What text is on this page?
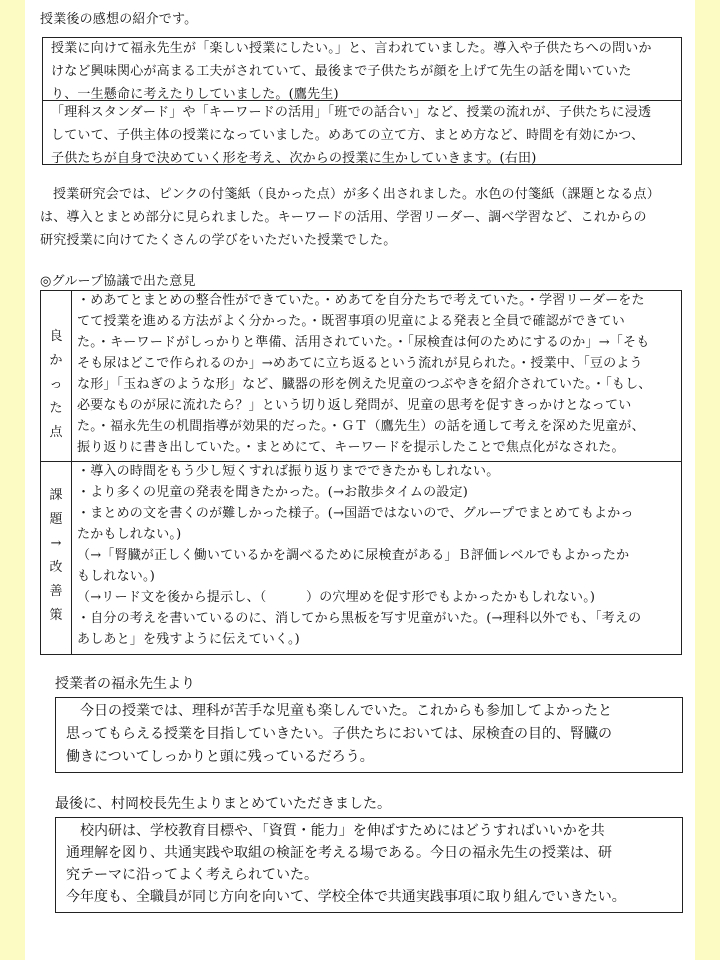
授業後の感想の紹介です。
授業に向けて福永先生が「楽しい授業にしたい。」と、言われていました。導入や子供たちへの問いか
けなど興味関心が高まる工夫がされていて、最後まで子供たちが顔を上げて先生の話を聞いていた
り、一生懸命に考えたりしていました。(鷹先生)
「理科スタンダード」や「キーワードの活用」「班での話合い」など、授業の流れが、子供たちに浸透
していて、子供主体の授業になっていました。めあての立て方、まとめ方など、時間を有効にかつ、
子供たちが自身で決めていく形を考え、次からの授業に生かしていきます。(右田)
授業研究会では、ピンクの付箋紙（良かった点）が多く出されました。水色の付箋紙（課題となる点）
は、導入とまとめ部分に見られました。キーワードの活用、学習リーダー、調べ学習など、これからの
研究授業に向けてたくさんの学びをいただいた授業でした。
◎グループ協議で出た意見
良
か
っ
た
点
・めあてとまとめの整合性ができていた。・めあてを自分たちで考えていた。・学習リーダーをた
てて授業を進める方法がよく分かった。・既習事項の児童による発表と全員で確認ができてい
た。・キーワードがしっかりと準備、活用されていた。・「尿検査は何のためにするのか」→「そも
そも尿はどこで作られるのか」→めあてに立ち返るという流れが見られた。・授業中、「豆のよう
な形」「玉ねぎのような形」など、臓器の形を例えた児童のつぶやきを紹介されていた。・「もし、
必要なものが尿に流れたら？」という切り返し発問が、児童の思考を促すきっかけとなってい
た。・福永先生の机間指導が効果的だった。・ＧＴ（鷹先生）の話を通して考えを深めた児童が、
振り返りに書き出していた。・まとめにて、キーワードを提示したことで焦点化がなされた。
課
題
→
改
善
策
・導入の時間をもう少し短くすれば振り返りまでできたかもしれない。
・より多くの児童の発表を聞きたかった。(→お散歩タイムの設定)
・まとめの文を書くのが難しかった様子。(→国語ではないので、グループでまとめてもよかっ
たかもしれない。)
（→「腎臓が正しく働いているかを調べるために尿検査がある」Ｂ評価レベルでもよかったか
もしれない。)
（→リード文を後から提示し、（　　　）の穴埋めを促す形でもよかったかもしれない。)
・自分の考えを書いているのに、消してから黒板を写す児童がいた。(→理科以外でも、「考えの
あしあと」を残すように伝えていく。)
授業者の福永先生より
今日の授業では、理科が苦手な児童も楽しんでいた。これからも参加してよかったと
思ってもらえる授業を目指していきたい。子供たちにおいては、尿検査の目的、腎臓の
働きについてしっかりと頭に残っているだろう。
最後に、村岡校長先生よりまとめていただきました。
校内研は、学校教育目標や、「資質・能力」を伸ばすためにはどうすればいいかを共
通理解を図り、共通実践や取組の検証を考える場である。今日の福永先生の授業は、研
究テーマに沿ってよく考えられていた。
今年度も、全職員が同じ方向を向いて、学校全体で共通実践事項に取り組んでいきたい。
